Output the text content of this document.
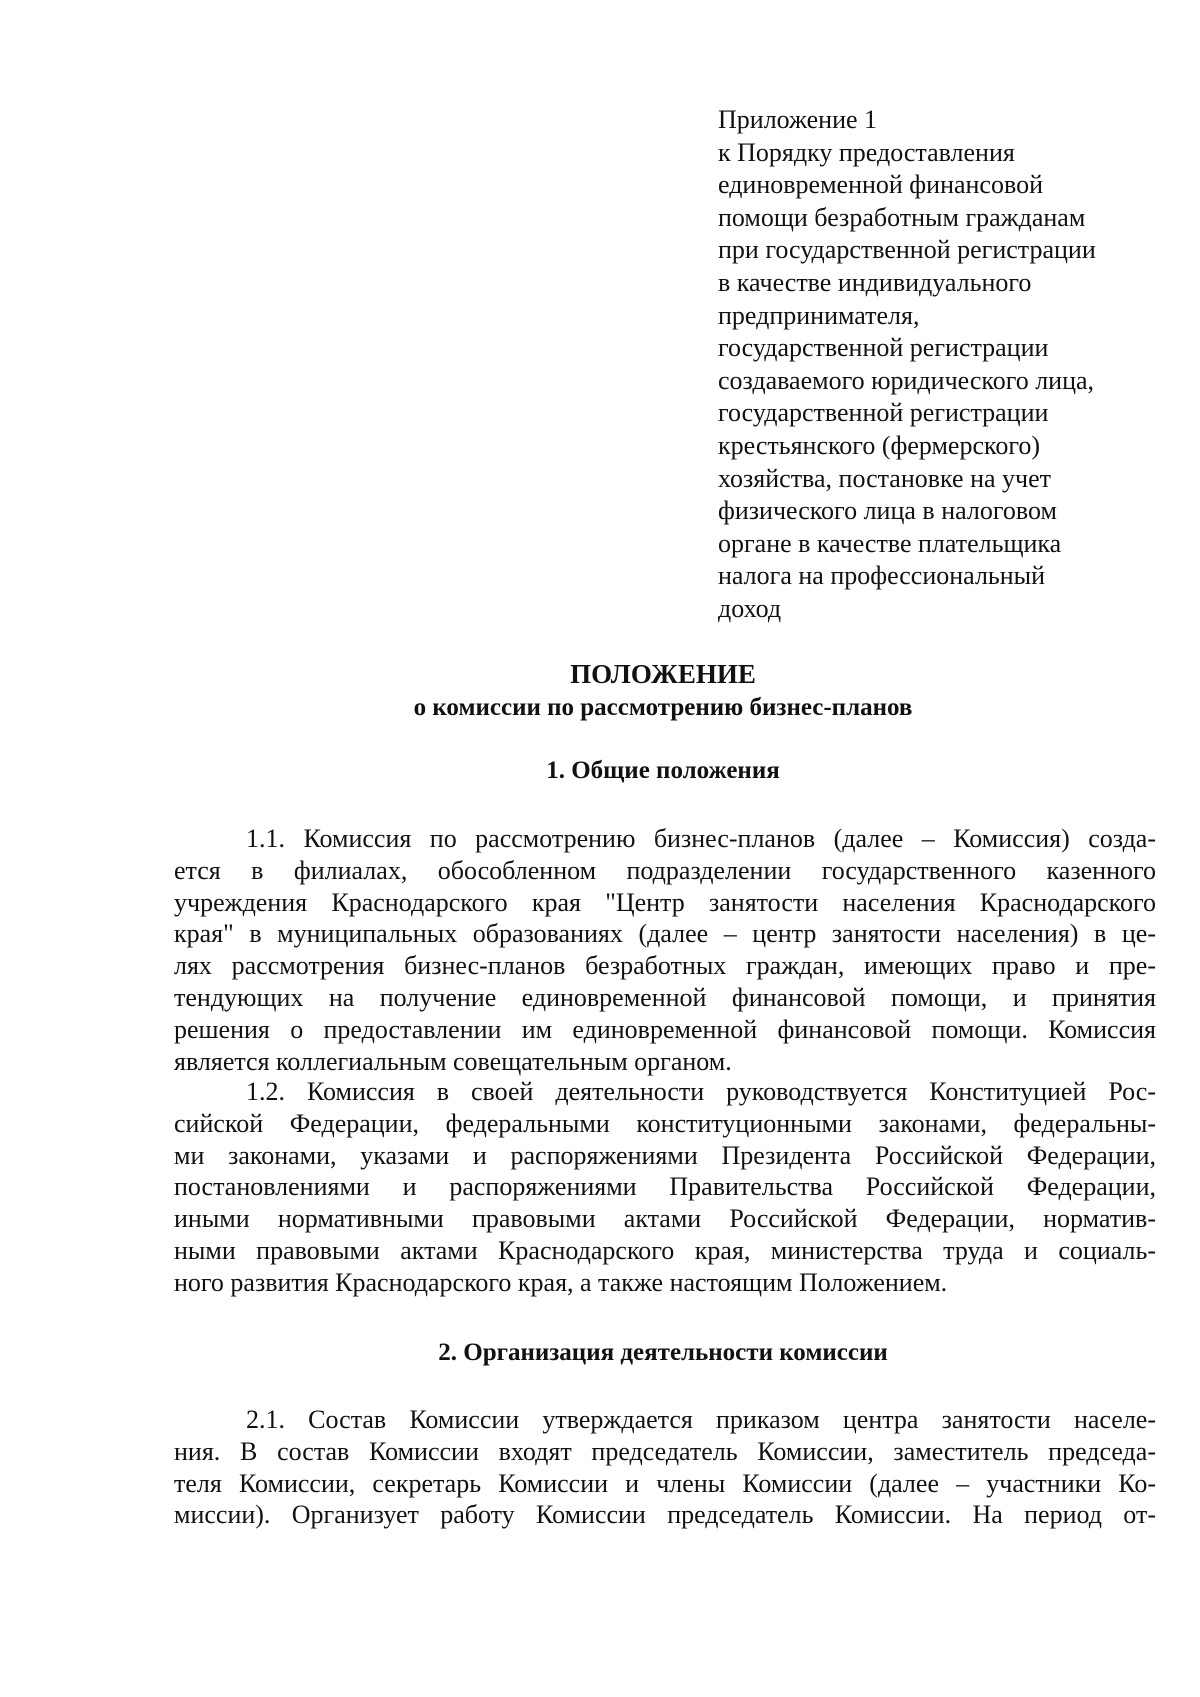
Приложение 1
к Порядку предоставления
единовременной финансовой
помощи безработным гражданам
при государственной регистрации
в качестве индивидуального
предпринимателя,
государственной регистрации
создаваемого юридического лица,
государственной регистрации
крестьянского (фермерского)
хозяйства, постановке на учет
физического лица в налоговом
органе в качестве плательщика
налога на профессиональный
доход
ПОЛОЖЕНИЕ
о комиссии по рассмотрению бизнес-планов
1. Общие положения
1.1. Комиссия по рассмотрению бизнес-планов (далее – Комиссия) созда-
ется в филиалах, обособленном подразделении государственного казенного
учреждения Краснодарского края "Центр занятости населения Краснодарского
края" в муниципальных образованиях (далее – центр занятости населения) в це-
лях рассмотрения бизнес-планов безработных граждан, имеющих право и пре-
тендующих на получение единовременной финансовой помощи, и принятия
решения о предоставлении им единовременной финансовой помощи. Комиссия
является коллегиальным совещательным органом.
1.2. Комиссия в своей деятельности руководствуется Конституцией Рос-
сийской Федерации, федеральными конституционными законами, федеральны-
ми законами, указами и распоряжениями Президента Российской Федерации,
постановлениями и распоряжениями Правительства Российской Федерации,
иными нормативными правовыми актами Российской Федерации, норматив-
ными правовыми актами Краснодарского края, министерства труда и социаль-
ного развития Краснодарского края, а также настоящим Положением.
2. Организация деятельности комиссии
2.1. Состав Комиссии утверждается приказом центра занятости населе-
ния. В состав Комиссии входят председатель Комиссии, заместитель председа-
теля Комиссии, секретарь Комиссии и члены Комиссии (далее – участники Ко-
миссии). Организует работу Комиссии председатель Комиссии. На период от-
